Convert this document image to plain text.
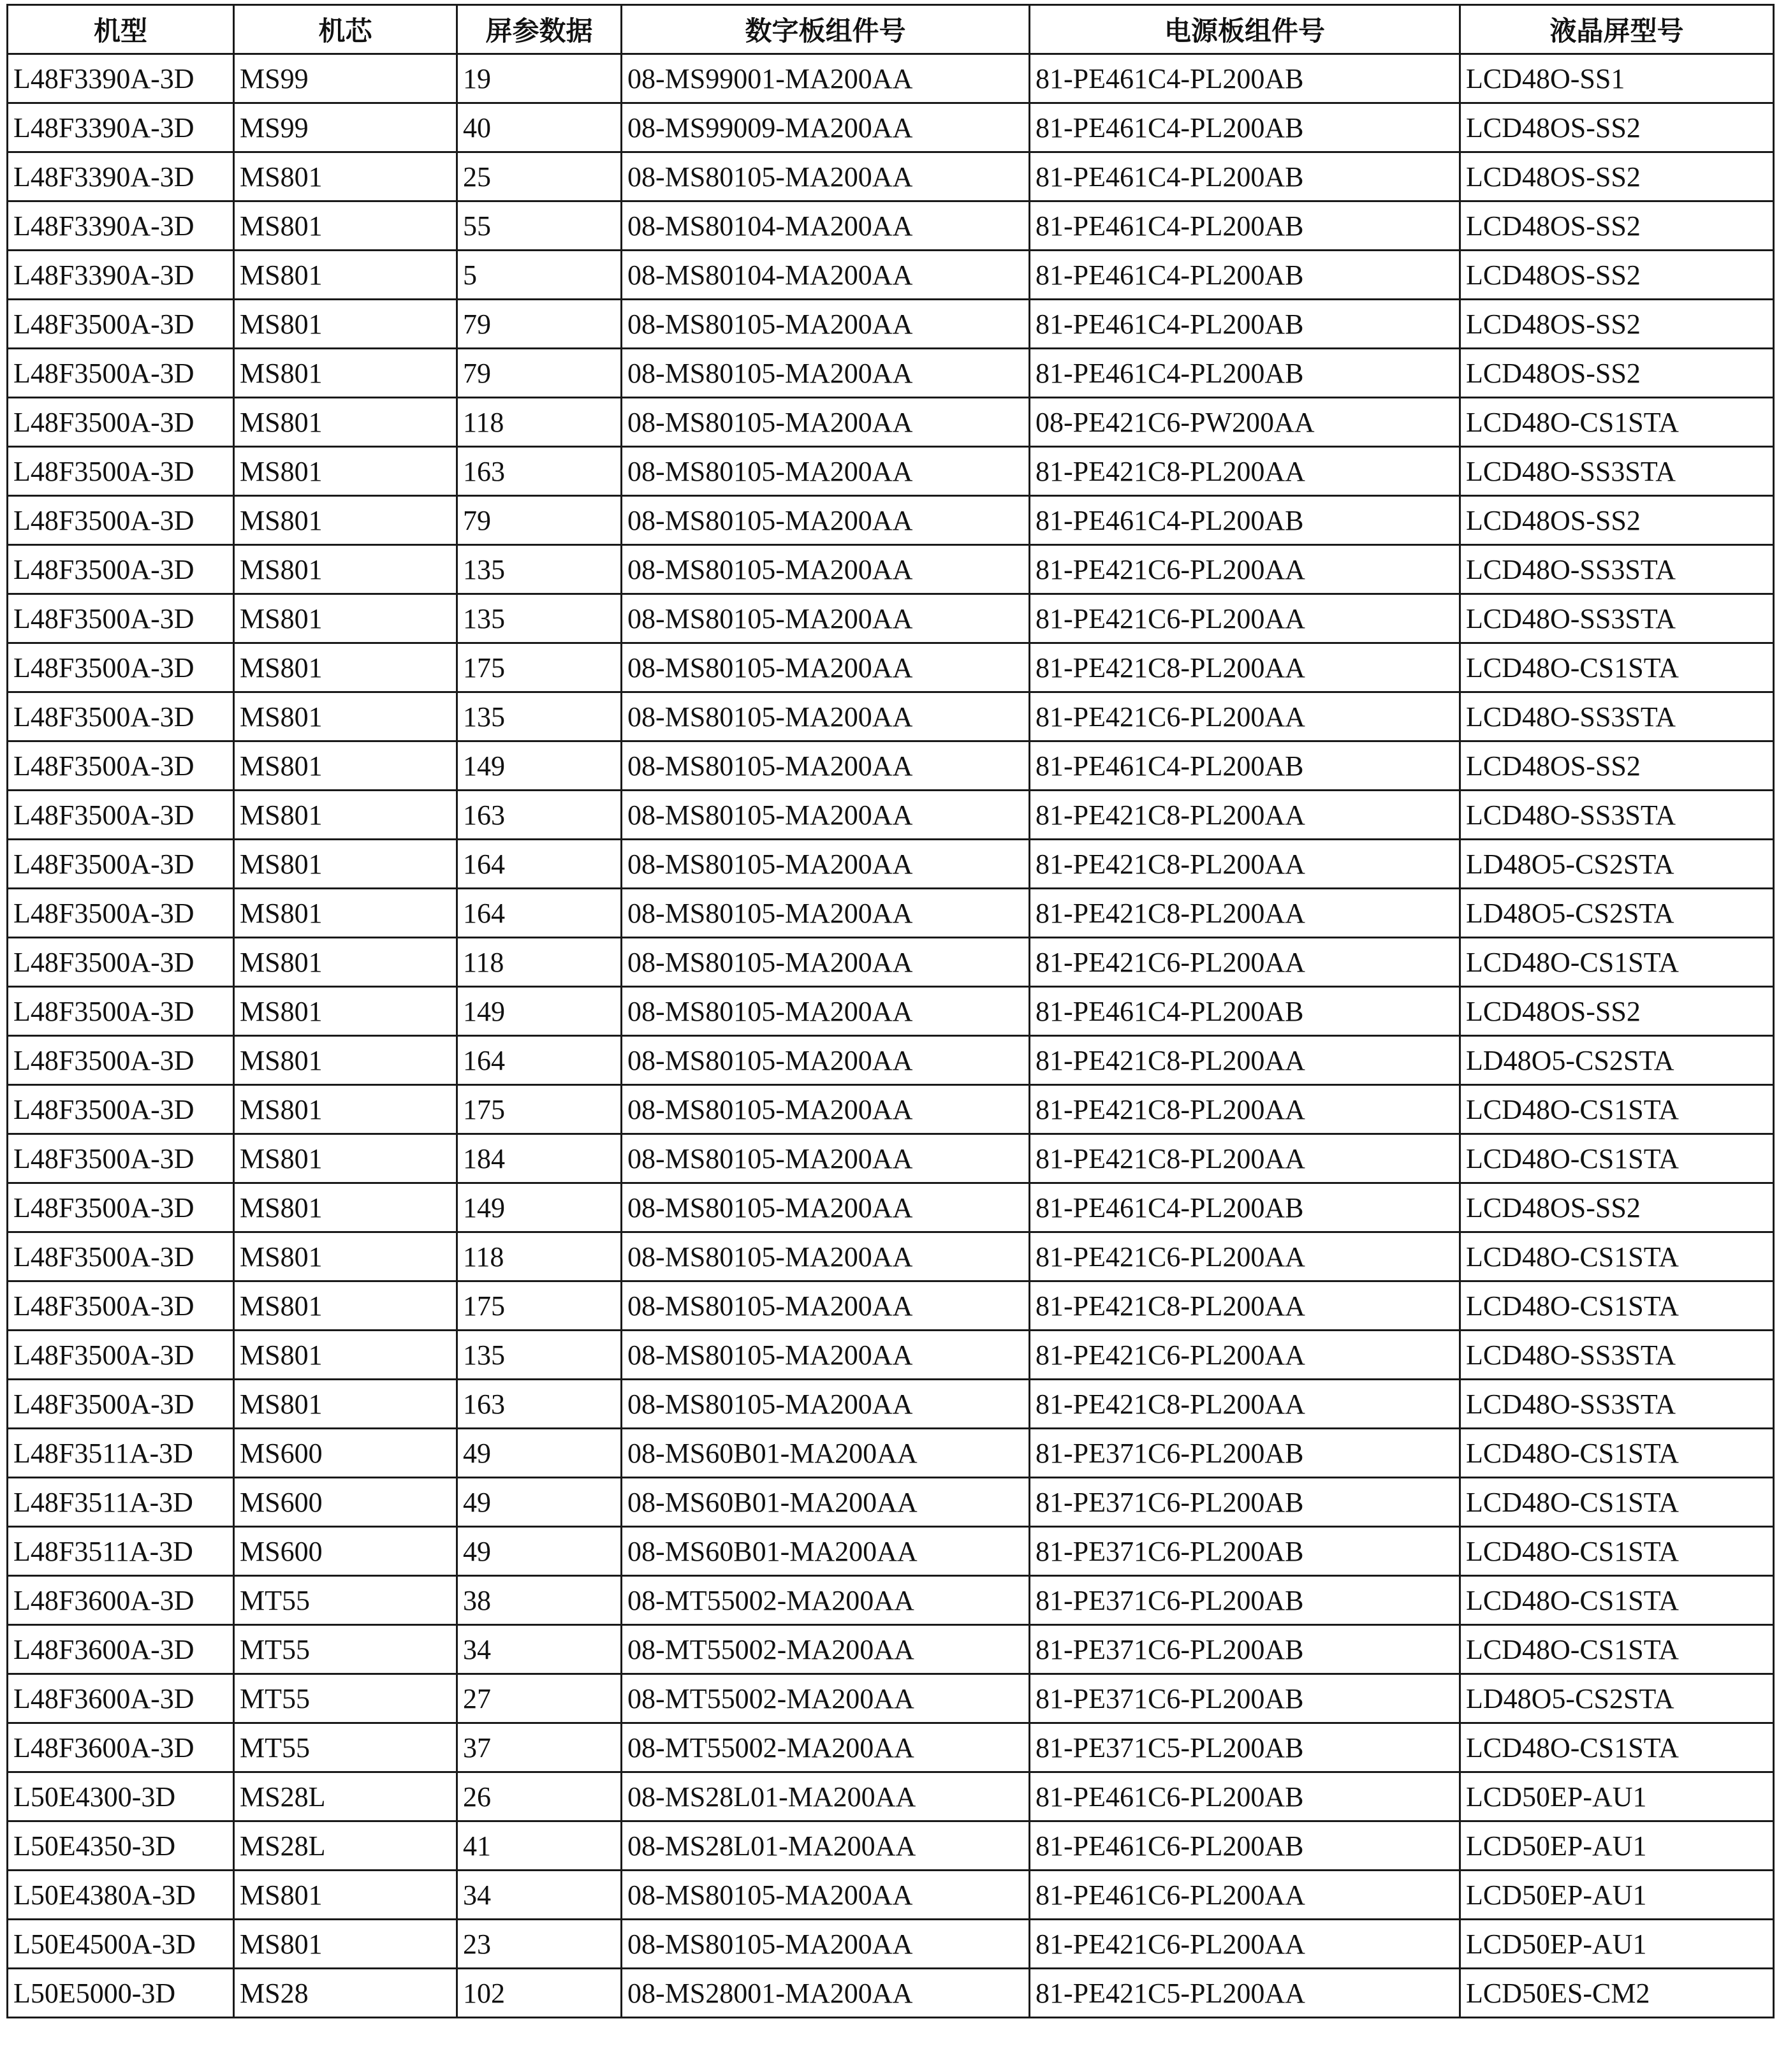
机型	机芯	屏参数据	数字板组件号	电源板组件号	液晶屏型号
L48F3390A-3D	MS99	19	08-MS99001-MA200AA	81-PE461C4-PL200AB	LCD48O-SS1
L48F3390A-3D	MS99	40	08-MS99009-MA200AA	81-PE461C4-PL200AB	LCD48OS-SS2
L48F3390A-3D	MS801	25	08-MS80105-MA200AA	81-PE461C4-PL200AB	LCD48OS-SS2
L48F3390A-3D	MS801	55	08-MS80104-MA200AA	81-PE461C4-PL200AB	LCD48OS-SS2
L48F3390A-3D	MS801	5	08-MS80104-MA200AA	81-PE461C4-PL200AB	LCD48OS-SS2
L48F3500A-3D	MS801	79	08-MS80105-MA200AA	81-PE461C4-PL200AB	LCD48OS-SS2
L48F3500A-3D	MS801	79	08-MS80105-MA200AA	81-PE461C4-PL200AB	LCD48OS-SS2
L48F3500A-3D	MS801	118	08-MS80105-MA200AA	08-PE421C6-PW200AA	LCD48O-CS1STA
L48F3500A-3D	MS801	163	08-MS80105-MA200AA	81-PE421C8-PL200AA	LCD48O-SS3STA
L48F3500A-3D	MS801	79	08-MS80105-MA200AA	81-PE461C4-PL200AB	LCD48OS-SS2
L48F3500A-3D	MS801	135	08-MS80105-MA200AA	81-PE421C6-PL200AA	LCD48O-SS3STA
L48F3500A-3D	MS801	135	08-MS80105-MA200AA	81-PE421C6-PL200AA	LCD48O-SS3STA
L48F3500A-3D	MS801	175	08-MS80105-MA200AA	81-PE421C8-PL200AA	LCD48O-CS1STA
L48F3500A-3D	MS801	135	08-MS80105-MA200AA	81-PE421C6-PL200AA	LCD48O-SS3STA
L48F3500A-3D	MS801	149	08-MS80105-MA200AA	81-PE461C4-PL200AB	LCD48OS-SS2
L48F3500A-3D	MS801	163	08-MS80105-MA200AA	81-PE421C8-PL200AA	LCD48O-SS3STA
L48F3500A-3D	MS801	164	08-MS80105-MA200AA	81-PE421C8-PL200AA	LD48O5-CS2STA
L48F3500A-3D	MS801	164	08-MS80105-MA200AA	81-PE421C8-PL200AA	LD48O5-CS2STA
L48F3500A-3D	MS801	118	08-MS80105-MA200AA	81-PE421C6-PL200AA	LCD48O-CS1STA
L48F3500A-3D	MS801	149	08-MS80105-MA200AA	81-PE461C4-PL200AB	LCD48OS-SS2
L48F3500A-3D	MS801	164	08-MS80105-MA200AA	81-PE421C8-PL200AA	LD48O5-CS2STA
L48F3500A-3D	MS801	175	08-MS80105-MA200AA	81-PE421C8-PL200AA	LCD48O-CS1STA
L48F3500A-3D	MS801	184	08-MS80105-MA200AA	81-PE421C8-PL200AA	LCD48O-CS1STA
L48F3500A-3D	MS801	149	08-MS80105-MA200AA	81-PE461C4-PL200AB	LCD48OS-SS2
L48F3500A-3D	MS801	118	08-MS80105-MA200AA	81-PE421C6-PL200AA	LCD48O-CS1STA
L48F3500A-3D	MS801	175	08-MS80105-MA200AA	81-PE421C8-PL200AA	LCD48O-CS1STA
L48F3500A-3D	MS801	135	08-MS80105-MA200AA	81-PE421C6-PL200AA	LCD48O-SS3STA
L48F3500A-3D	MS801	163	08-MS80105-MA200AA	81-PE421C8-PL200AA	LCD48O-SS3STA
L48F3511A-3D	MS600	49	08-MS60B01-MA200AA	81-PE371C6-PL200AB	LCD48O-CS1STA
L48F3511A-3D	MS600	49	08-MS60B01-MA200AA	81-PE371C6-PL200AB	LCD48O-CS1STA
L48F3511A-3D	MS600	49	08-MS60B01-MA200AA	81-PE371C6-PL200AB	LCD48O-CS1STA
L48F3600A-3D	MT55	38	08-MT55002-MA200AA	81-PE371C6-PL200AB	LCD48O-CS1STA
L48F3600A-3D	MT55	34	08-MT55002-MA200AA	81-PE371C6-PL200AB	LCD48O-CS1STA
L48F3600A-3D	MT55	27	08-MT55002-MA200AA	81-PE371C6-PL200AB	LD48O5-CS2STA
L48F3600A-3D	MT55	37	08-MT55002-MA200AA	81-PE371C5-PL200AB	LCD48O-CS1STA
L50E4300-3D	MS28L	26	08-MS28L01-MA200AA	81-PE461C6-PL200AB	LCD50EP-AU1
L50E4350-3D	MS28L	41	08-MS28L01-MA200AA	81-PE461C6-PL200AB	LCD50EP-AU1
L50E4380A-3D	MS801	34	08-MS80105-MA200AA	81-PE461C6-PL200AA	LCD50EP-AU1
L50E4500A-3D	MS801	23	08-MS80105-MA200AA	81-PE421C6-PL200AA	LCD50EP-AU1
L50E5000-3D	MS28	102	08-MS28001-MA200AA	81-PE421C5-PL200AA	LCD50ES-CM2
